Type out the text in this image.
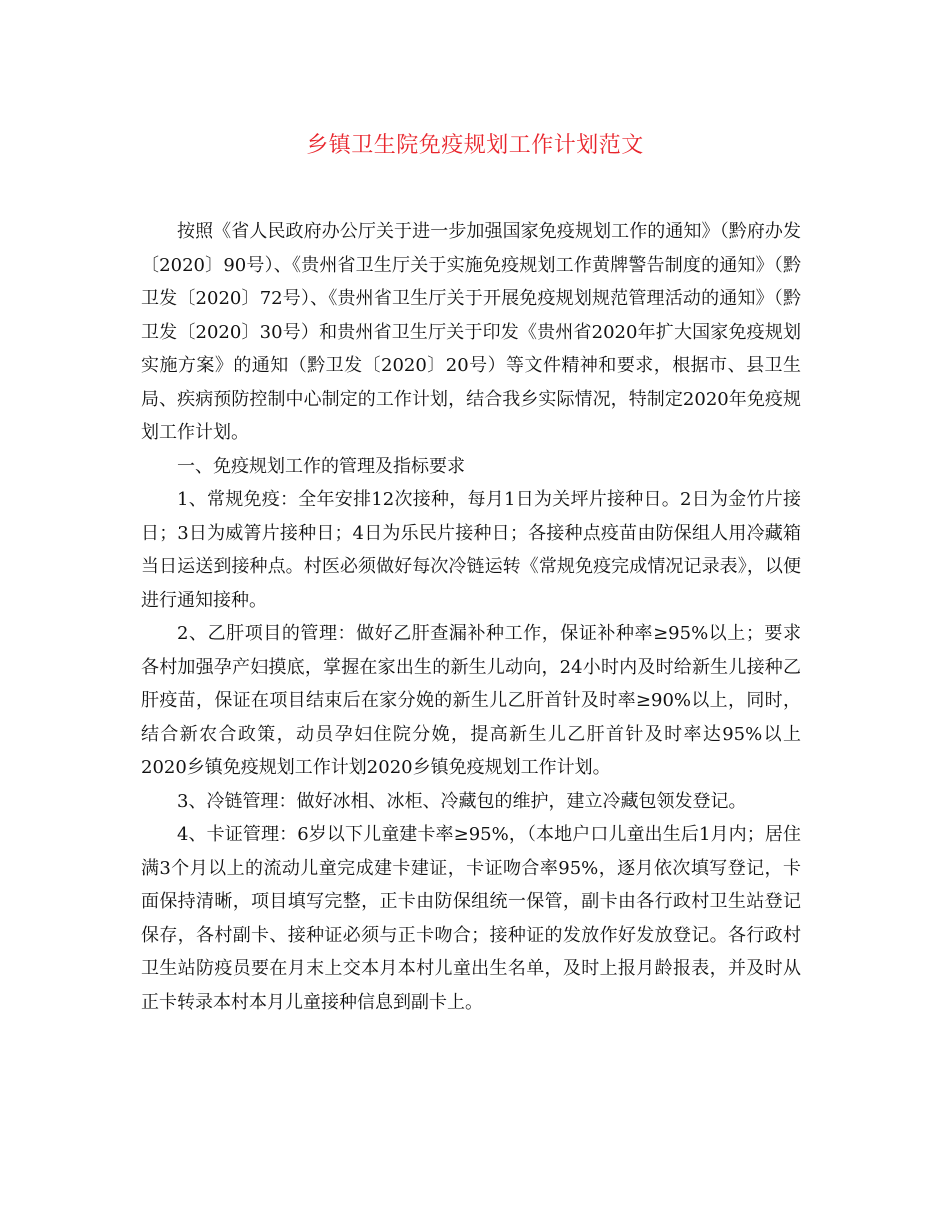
乡镇卫生院免疫规划工作计划范文

按照《省人民政府办公厅关于进一步加强国家免疫规划工作的通知》（黔府办发〔2020〕90号）、《贵州省卫生厅关于实施免疫规划工作黄牌警告制度的通知》（黔卫发〔2020〕72号）、《贵州省卫生厅关于开展免疫规划规范管理活动的通知》（黔卫发〔2020〕30号）和贵州省卫生厅关于印发《贵州省2020年扩大国家免疫规划实施方案》的通知（黔卫发〔2020〕20号）等文件精神和要求，根据市、县卫生局、疾病预防控制中心制定的工作计划，结合我乡实际情况，特制定2020年免疫规划工作计划。

一、免疫规划工作的管理及指标要求

1、常规免疫：全年安排12次接种，每月1日为关坪片接种日。2日为金竹片接日；3日为威箐片接种日；4日为乐民片接种日；各接种点疫苗由防保组人用冷藏箱当日运送到接种点。村医必须做好每次冷链运转《常规免疫完成情况记录表》，以便进行通知接种。

2、乙肝项目的管理：做好乙肝查漏补种工作，保证补种率≥95%以上；要求各村加强孕产妇摸底，掌握在家出生的新生儿动向，24小时内及时给新生儿接种乙肝疫苗，保证在项目结束后在家分娩的新生儿乙肝首针及时率≥90%以上，同时，结合新农合政策，动员孕妇住院分娩，提高新生儿乙肝首针及时率达95%以上2020乡镇免疫规划工作计划2020乡镇免疫规划工作计划。

3、冷链管理：做好冰相、冰柜、冷藏包的维护，建立冷藏包领发登记。

4、卡证管理：6岁以下儿童建卡率≥95%，（本地户口儿童出生后1月内；居住满3个月以上的流动儿童完成建卡建证，卡证吻合率95%，逐月依次填写登记，卡面保持清晰，项目填写完整，正卡由防保组统一保管，副卡由各行政村卫生站登记保存，各村副卡、接种证必须与正卡吻合；接种证的发放作好发放登记。各行政村卫生站防疫员要在月末上交本月本村儿童出生名单，及时上报月龄报表，并及时从正卡转录本村本月儿童接种信息到副卡上。
